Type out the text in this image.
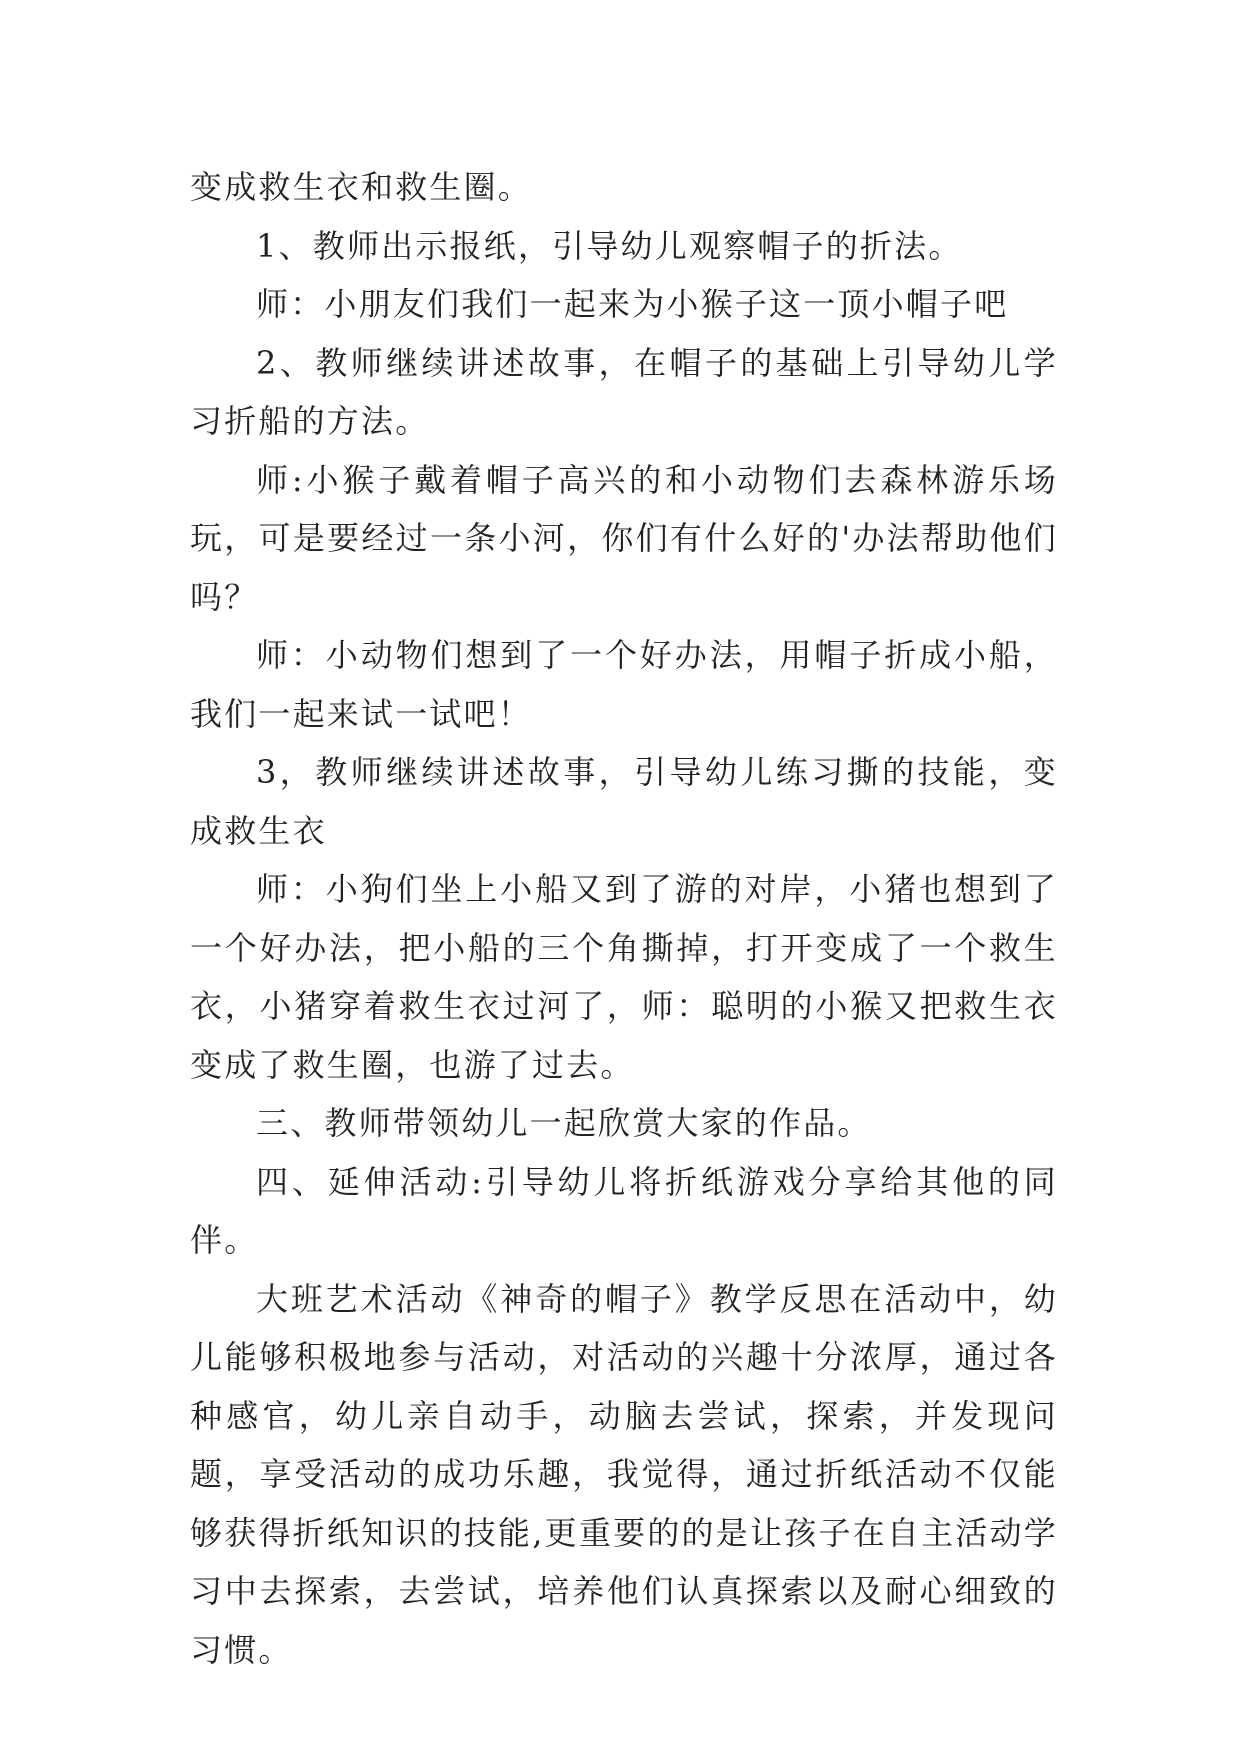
变成救生衣和救生圈。

1、教师出示报纸，引导幼儿观察帽子的折法。

师：小朋友们我们一起来为小猴子这一顶小帽子吧

2、教师继续讲述故事，在帽子的基础上引导幼儿学习折船的方法。

师:小猴子戴着帽子高兴的和小动物们去森林游乐场玩，可是要经过一条小河，你们有什么好的'办法帮助他们吗？

师：小动物们想到了一个好办法，用帽子折成小船，我们一起来试一试吧！

3，教师继续讲述故事，引导幼儿练习撕的技能，变成救生衣

师：小狗们坐上小船又到了游的对岸，小猪也想到了一个好办法，把小船的三个角撕掉，打开变成了一个救生衣，小猪穿着救生衣过河了，师：聪明的小猴又把救生衣变成了救生圈，也游了过去。

三、教师带领幼儿一起欣赏大家的作品。

四、延伸活动:引导幼儿将折纸游戏分享给其他的同伴。

大班艺术活动《神奇的帽子》教学反思在活动中，幼儿能够积极地参与活动，对活动的兴趣十分浓厚，通过各种感官，幼儿亲自动手，动脑去尝试，探索，并发现问题，享受活动的成功乐趣，我觉得，通过折纸活动不仅能够获得折纸知识的技能,更重要的的是让孩子在自主活动学习中去探索，去尝试，培养他们认真探索以及耐心细致的习惯。
